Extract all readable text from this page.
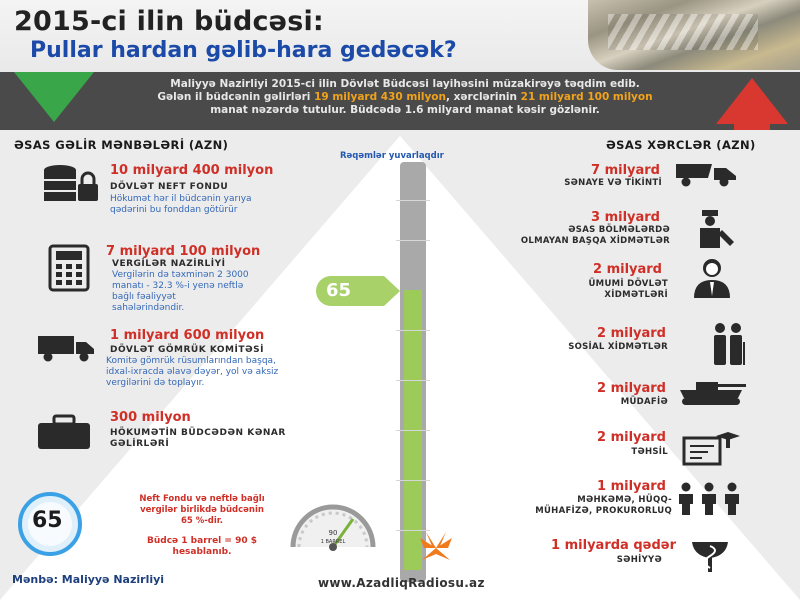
2015-ci ilin büdcəsi:
Pullar hardan gəlib-hara gedəcək?
Maliyyə Nazirliyi 2015-ci ilin Dövlət Büdcəsi layihəsini müzakirəyə təqdim edib.
Gələn il büdcənin gəlirləri 19 milyard 430 milyon, xərclərinin 21 milyard 100 milyon
manat nəzərdə tutulur. Büdcədə 1.6 milyard manat kəsir gözlənir.
ƏSAS GƏLİR MƏNBƏLƏRİ (AZN)	ƏSAS XƏRCLƏR (AZN)
Rəqəmlər yuvarlaqdır
65
10 milyard 400 milyon
DÖVLƏT NEFT FONDU
Hökumət hər il büdcənin yarıya
qədərini bu fonddan götürür
7 milyard 100 milyon
VERGİLƏR NAZİRLİYİ
Vergilərin də təxminən 2 3000
manatı - 32.3 %-i yenə neftlə
bağlı fəaliyyət
sahələrindəndir.
1 milyard 600 milyon
DÖVLƏT GÖMRÜK KOMİTƏSİ
Komitə gömrük rüsumlarından başqa,
idxal-ixracda əlavə dəyər, yol və aksiz
vergilərini də toplayır.
300 milyon
HÖKUMƏTİN BÜDCƏDƏN KƏNAR
GƏLİRLƏRİ
7 milyard
SƏNAYE VƏ TİKİNTİ
3 milyard
ƏSAS BÖLMƏLƏRDƏ
OLMAYAN BAŞQA XİDMƏTLƏR
2 milyard
ÜMUMİ DÖVLƏT
XİDMƏTLƏRİ
2 milyard
SOSİAL XİDMƏTLƏR
2 milyard
MÜDAFİƏ
2 milyard
TƏHSİL
1 milyard
MƏHKƏMƏ, HÜQQ-
MÜHAFİZƏ, PROKURORLUQ
1 milyarda qədər
SƏHİYYƏ
65
Neft Fondu və neftlə bağlı
vergilər birlikdə büdcənin
65 %-dir.
Büdcə 1 barrel = 90 $
hesablanıb.
90
1 BARREL
Mənbə: Maliyyə Nazirliyi	www.AzadliqRadiosu.az
